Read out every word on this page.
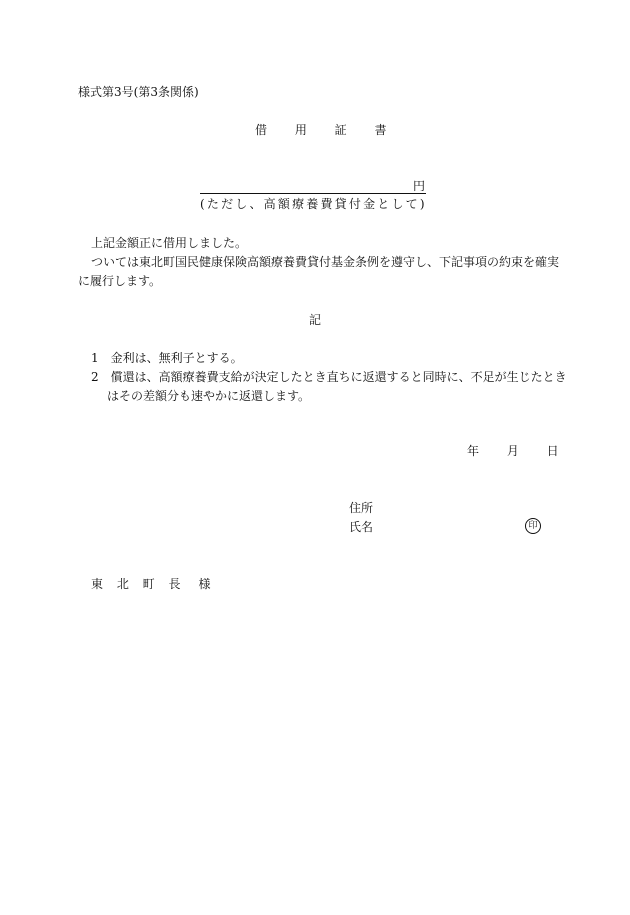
様式第3号(第3条関係)
借 用 証 書
円
(ただし、高額療養費貸付金として)
上記金額正に借用しました。
ついては東北町国民健康保険高額療養費貸付基金条例を遵守し、下記事項の約束を確実
に履行します。
記
1　金利は、無利子とする。
2　償還は、高額療養費支給が決定したとき直ちに返還すると同時に、不足が生じたとき
はその差額分も速やかに返還します。
年 月 日
住所
氏名	印
東 北 町 長 様
